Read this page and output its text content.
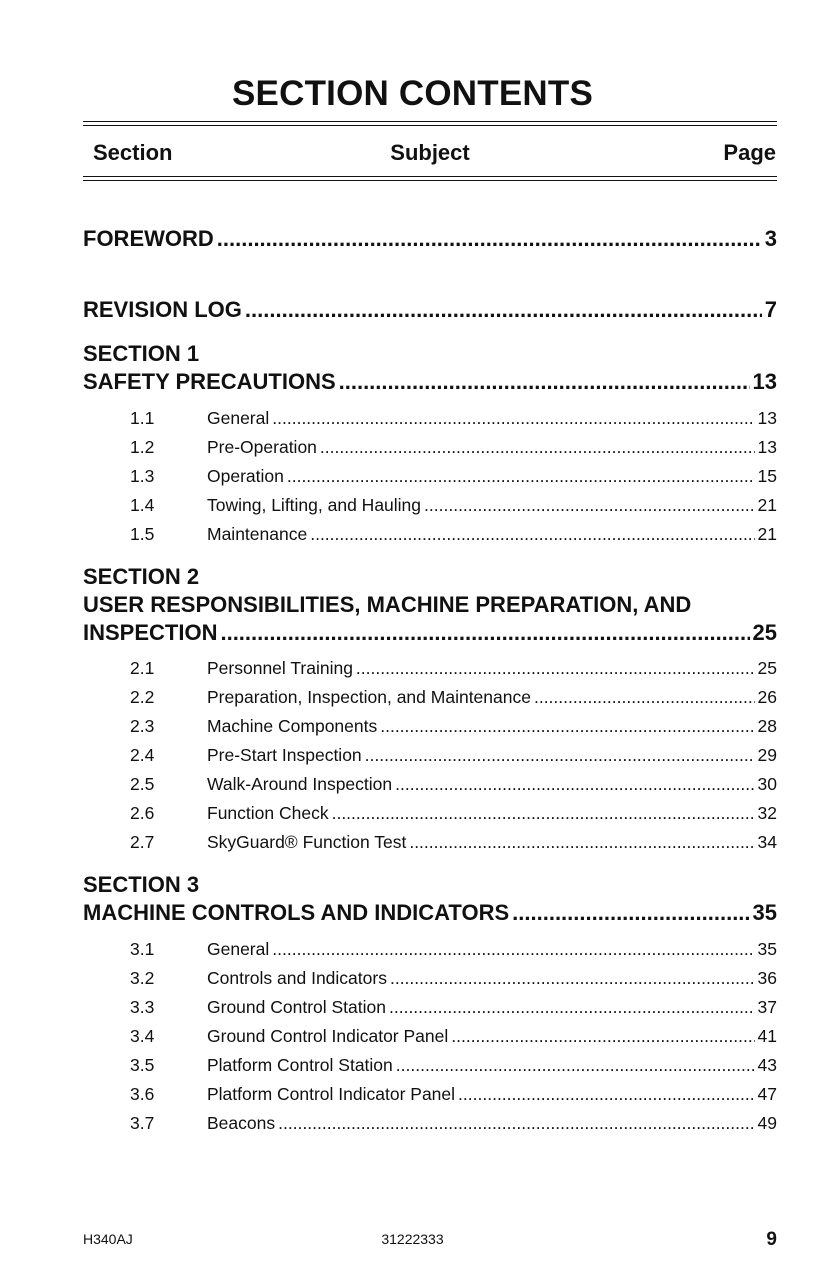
SECTION CONTENTS
Section	Subject	Page
FOREWORD .....	3
REVISION LOG .....	7
SECTION 1
SAFETY PRECAUTIONS .....	13
1.1	General .....	13
1.2	Pre-Operation .....	13
1.3	Operation .....	15
1.4	Towing, Lifting, and Hauling .....	21
1.5	Maintenance .....	21
SECTION 2
USER RESPONSIBILITIES, MACHINE PREPARATION, AND
INSPECTION .....	25
2.1	Personnel Training .....	25
2.2	Preparation, Inspection, and Maintenance .....	26
2.3	Machine Components .....	28
2.4	Pre-Start Inspection .....	29
2.5	Walk-Around Inspection .....	30
2.6	Function Check .....	32
2.7	SkyGuard® Function Test .....	34
SECTION 3
MACHINE CONTROLS AND INDICATORS .....	35
3.1	General .....	35
3.2	Controls and Indicators .....	36
3.3	Ground Control Station .....	37
3.4	Ground Control Indicator Panel .....	41
3.5	Platform Control Station .....	43
3.6	Platform Control Indicator Panel .....	47
3.7	Beacons .....	49
H340AJ	31222333	9
